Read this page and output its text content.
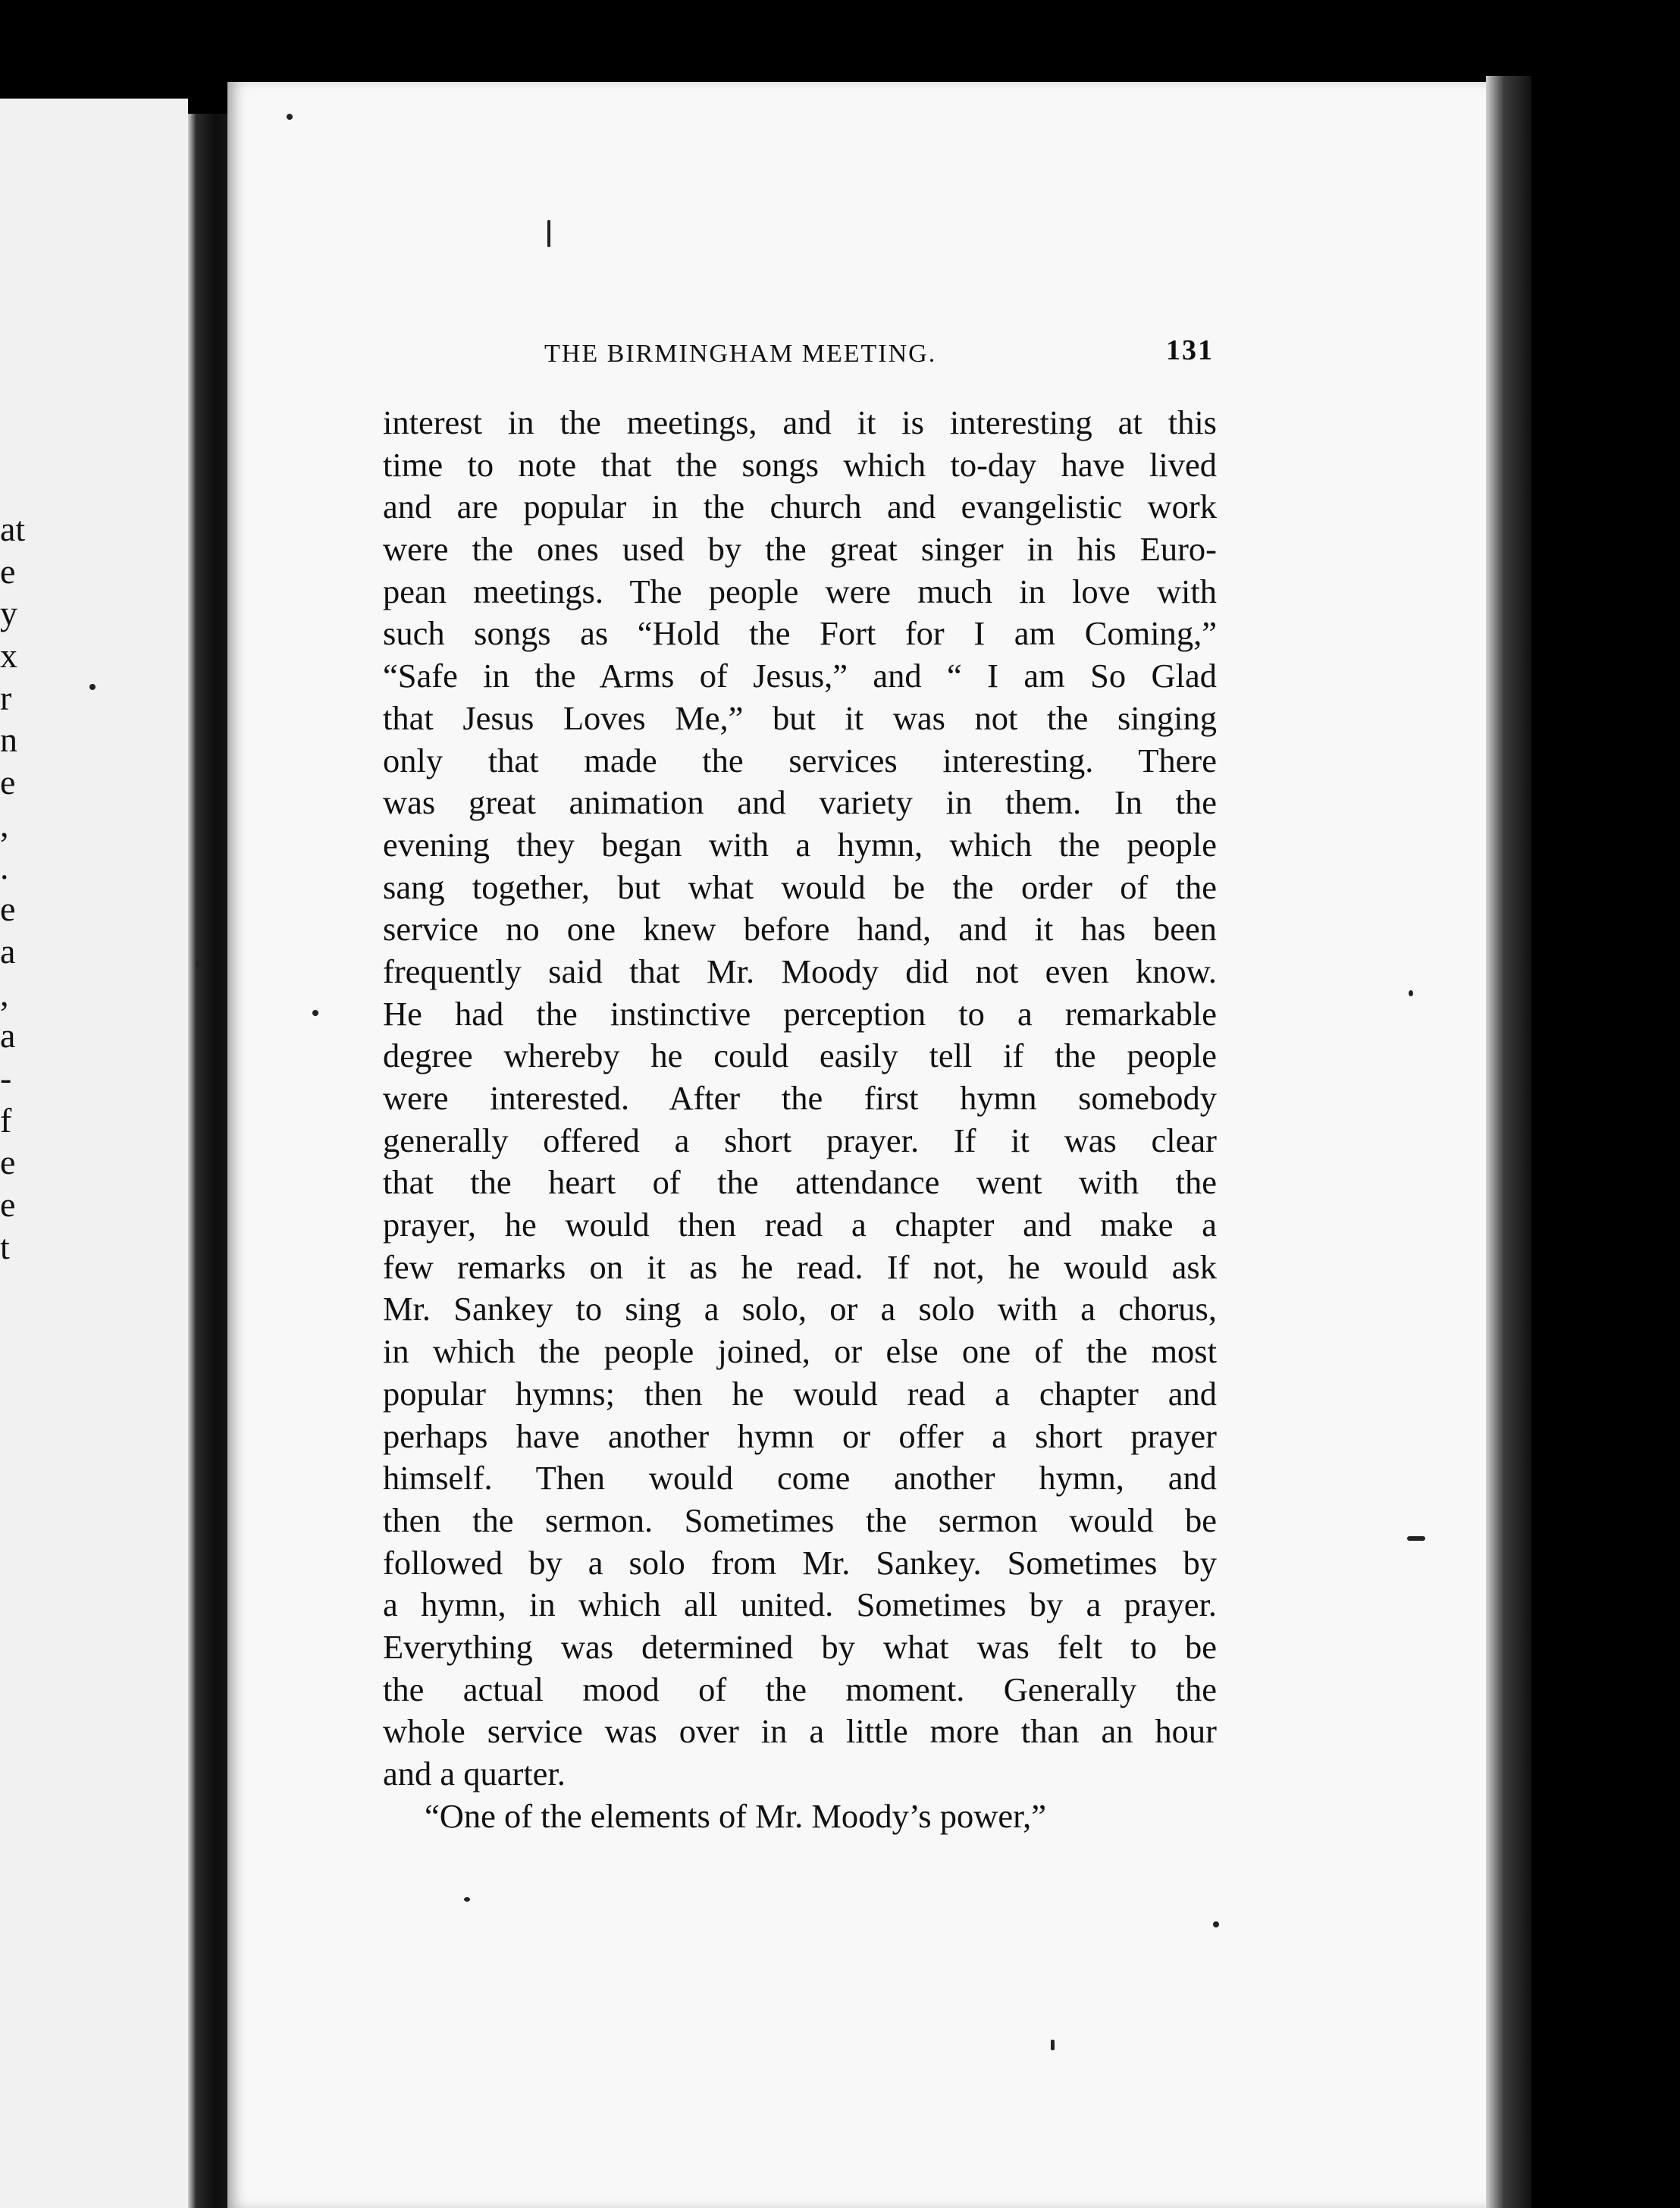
at
e
y
x
r
n
e
,
.
e
a
,
a
-
f
e
e
t
THE BIRMINGHAM MEETING.	131
interest in the meetings, and it is interesting at this
time to note that the songs which to-day have lived
and are popular in the church and evangelistic work
were the ones used by the great singer in his Euro-
pean meetings. The people were much in love with
such songs as “Hold the Fort for I am Coming,”
“Safe in the Arms of Jesus,” and “ I am So Glad
that Jesus Loves Me,” but it was not the singing
only that made the services interesting. There
was great animation and variety in them. In the
evening they began with a hymn, which the people
sang together, but what would be the order of the
service no one knew before hand, and it has been
frequently said that Mr. Moody did not even know.
He had the instinctive perception to a remarkable
degree whereby he could easily tell if the people
were interested. After the first hymn somebody
generally offered a short prayer. If it was clear
that the heart of the attendance went with the
prayer, he would then read a chapter and make a
few remarks on it as he read. If not, he would ask
Mr. Sankey to sing a solo, or a solo with a chorus,
in which the people joined, or else one of the most
popular hymns; then he would read a chapter and
perhaps have another hymn or offer a short prayer
himself. Then would come another hymn, and
then the sermon. Sometimes the sermon would be
followed by a solo from Mr. Sankey. Sometimes by
a hymn, in which all united. Sometimes by a prayer.
Everything was determined by what was felt to be
the actual mood of the moment. Generally the
whole service was over in a little more than an hour
and a quarter.
“One of the elements of Mr. Moody’s power,”
